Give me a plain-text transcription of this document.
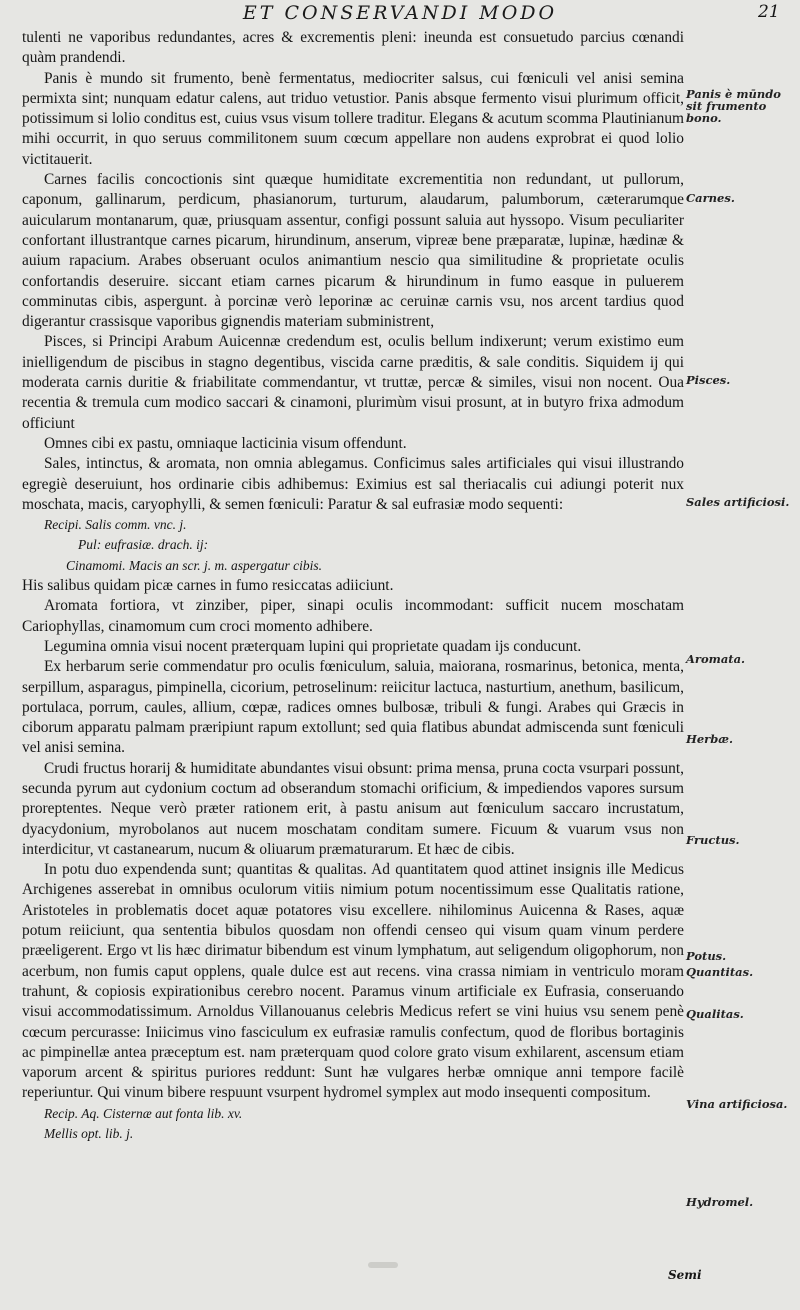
ET CONSERVANDI MODO	21

tulenti ne vaporibus redundantes, acres & excrementis pleni: ineunda est consuetudo parcius cœnandi quàm prandendi.

Panis è mundo sit frumento, benè fermentatus, mediocriter salsus, cui fœniculi vel anisi semina permixta sint; nunquam edatur calens, aut triduo vetustior. Panis absque fermento visui plurimum officit, potissimum si lolio conditus est, cuius vsus visum tollere traditur. Elegans & acutum scomma Plautinianum mihi occurrit, in quo seruus commilitonem suum cœcum appellare non audens exprobrat ei quod lolio victitauerit.

Carnes facilis concoctionis sint quæque humiditate excrementitia non redundant, ut pullorum, caponum, gallinarum, perdicum, phasianorum, turturum, alaudarum, palumborum, cæterarumque auicularum montanarum, quæ, priusquam assentur, configi possunt saluia aut hyssopo. Visum peculiariter confortant illustrantque carnes picarum, hirundinum, anserum, vipreæ bene præparatæ, lupinæ, hædinæ & auium rapacium. Arabes obseruant oculos animantium nescio qua similitudine & proprietate oculis confortandis deseruire. siccant etiam carnes picarum & hirundinum in fumo easque in puluerem comminutas cibis, aspergunt. à porcinæ verò leporinæ ac ceruinæ carnis vsu, nos arcent tardius quod digerantur crassisque vaporibus gignendis materiam subministrent,

Pisces, si Principi Arabum Auicennæ credendum est, oculis bellum indixerunt; verum existimo eum inielligendum de piscibus in stagno degentibus, viscida carne præditis, & sale conditis. Siquidem ij qui moderata carnis duritie & friabilitate commendantur, vt truttæ, percæ & similes, visui non nocent. Oua recentia & tremula cum modico saccari & cinamoni, plurimùm visui prosunt, at in butyro frixa admodum officiunt

Omnes cibi ex pastu, omniaque lacticinia visum offendunt.

Sales, intinctus, & aromata, non omnia ablegamus. Conficimus sales artificiales qui visui illustrando egregiè deseruiunt, hos ordinarie cibis adhibemus: Eximius est sal theriacalis cui adiungi poterit nux moschata, macis, caryophylli, & semen fœniculi: Paratur & sal eufrasiæ modo sequenti:

Recipi. Salis comm. vnc. j.

Pul: eufrasiæ. drach. ij:

Cinamomi. Macis an scr. j. m. aspergatur cibis.

His salibus quidam picæ carnes in fumo resiccatas adiiciunt.

Aromata fortiora, vt zinziber, piper, sinapi oculis incommodant: sufficit nucem moschatam Cariophyllas, cinamomum cum croci momento adhibere.

Legumina omnia visui nocent præterquam lupini qui proprietate quadam ijs conducunt.

Ex herbarum serie commendatur pro oculis fœniculum, saluia, maiorana, rosmarinus, betonica, menta, serpillum, asparagus, pimpinella, cicorium, petroselinum: reiicitur lactuca, nasturtium, anethum, basilicum, portulaca, porrum, caules, allium, cœpæ, radices omnes bulbosæ, tribuli & fungi. Arabes qui Græcis in ciborum apparatu palmam præripiunt rapum extollunt; sed quia flatibus abundat admiscenda sunt fœniculi vel anisi semina.

Crudi fructus horarij & humiditate abundantes visui obsunt: prima mensa, pruna cocta vsurpari possunt, secunda pyrum aut cydonium coctum ad obserandum stomachi orificium, & impediendos vapores sursum proreptentes. Neque verò præter rationem erit, à pastu anisum aut fœniculum saccaro incrustatum, dyacydonium, myrobolanos aut nucem moschatam conditam sumere. Ficuum & vuarum vsus non interdicitur, vt castanearum, nucum & oliuarum præmaturarum. Et hæc de cibis.

In potu duo expendenda sunt; quantitas & qualitas. Ad quantitatem quod attinet insignis ille Medicus Archigenes asserebat in omnibus oculorum vitiis nimium potum nocentissimum esse Qualitatis ratione, Aristoteles in problematis docet aquæ potatores visu excellere. nihilominus Auicenna & Rases, aquæ potum reiiciunt, qua sententia bibulos quosdam non offendi censeo qui visum quam vinum perdere præeligerent. Ergo vt lis hæc dirimatur bibendum est vinum lymphatum, aut seligendum oligophorum, non acerbum, non fumis caput opplens, quale dulce est aut recens. vina crassa nimiam in ventriculo moram trahunt, & copiosis expirationibus cerebro nocent. Paramus vinum artificiale ex Eufrasia, conseruando visui accommodatissimum. Arnoldus Villanouanus celebris Medicus refert se vini huius vsu senem penè cœcum percurasse: Iniicimus vino fasciculum ex eufrasiæ ramulis confectum, quod de floribus bortaginis ac pimpinellæ antea præceptum est. nam præterquam quod colore grato visum exhilarent, ascensum etiam vaporum arcent & spiritus puriores reddunt: Sunt hæ vulgares herbæ omnique anni tempore facilè reperiuntur. Qui vinum bibere respuunt vsurpent hydromel symplex aut modo insequenti compositum.

Recip. Aq. Cisternæ aut fonta lib. xv.

Mellis opt. lib. j.

Panis è mūndo sit frumento bono.
Carnes.
Pisces.
Sales artificiosi.
Aromata.
Herbæ.
Fructus.
Potus.
Quantitas.
Qualitas.
Vina artificiosa.
Hydromel.
Semi
